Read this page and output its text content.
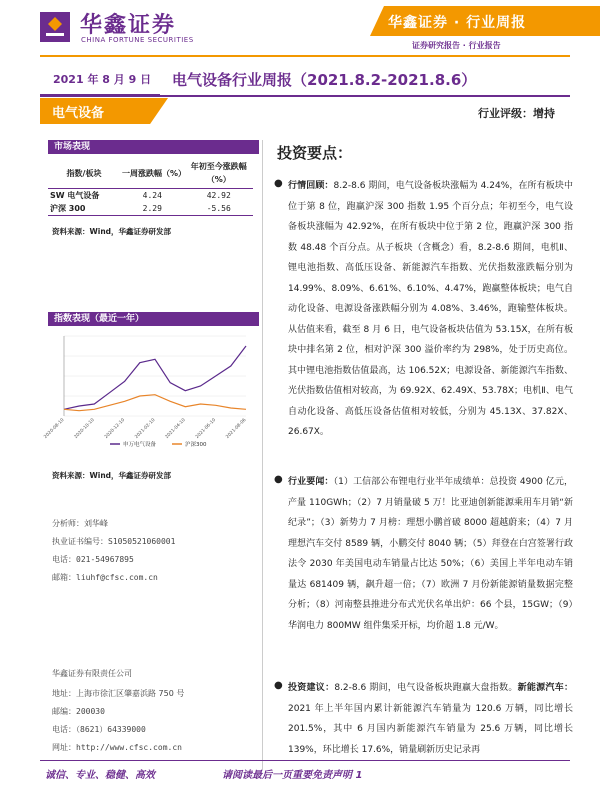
华鑫证券
CHINA FORTUNE SECURITIES
华鑫证券 · 行业周报
证券研究报告 · 行业报告
2021 年 8 月 9 日 电气设备行业周报（2021.8.2-2021.8.6）
电气设备	行业评级：增持
市场表现
指数/板块	一周涨跌幅（%）	年初至今涨跌幅（%）
SW 电气设备	4.24	42.92
沪深 300	2.29	-5.56
资料来源：Wind，华鑫证券研发部
指数表现（最近一年）
2020-08-10 2020-10-10 2020-12-10 2021-02-10 2021-04-10 2021-06-10 2021-08-06
申万电气设备	沪深300
资料来源：Wind，华鑫证券研发部
分析师：刘华峰
执业证书编号：S1050521060001
电话：021-54967895
邮箱：liuhf@cfsc.com.cn
华鑫证券有限责任公司
地址：上海市徐汇区肇嘉浜路 750 号
邮编：200030
电话：（8621）64339000
网址：http://www.cfsc.com.cn
投资要点：
● 行情回顾：8.2-8.6 期间，电气设备板块涨幅为 4.24%，在所有板块中位于第 8 位，跑赢沪深 300 指数 1.95 个百分点；年初至今，电气设备板块涨幅为 42.92%，在所有板块中位于第 2 位，跑赢沪深 300 指数 48.48 个百分点。从子板块（含概念）看，8.2-8.6 期间，电机Ⅱ、锂电池指数、高低压设备、新能源汽车指数、光伏指数涨跌幅分别为 14.99%、8.09%、6.61%、6.10%、4.47%，跑赢整体板块；电气自动化设备、电源设备涨跌幅分别为 4.08%、3.46%，跑输整体板块。从估值来看，截至 8 月 6 日，电气设备板块估值为 53.15X，在所有板块中排名第 2 位，相对沪深 300 溢价率约为 298%，处于历史高位。其中锂电池指数估值最高，达 106.52X；电源设备、新能源汽车指数、光伏指数估值相对较高，为 69.92X、62.49X、53.78X；电机Ⅱ、电气自动化设备、高低压设备估值相对较低，分别为 45.13X、37.82X、26.67X。
● 行业要闻：（1）工信部公布锂电行业半年成绩单：总投资 4900 亿元，产量 110GWh；（2）7 月销量破 5 万！比亚迪创新能源乘用车月销“新纪录”；（3）新势力 7 月榜：理想小鹏首破 8000 超越蔚来；（4）7 月理想汽车交付 8589 辆，小鹏交付 8040 辆；（5）拜登在白宫签署行政法令 2030 年美国电动车销量占比达 50%；（6）美国上半年电动车销量达 681409 辆，飙升超一倍；（7）欧洲 7 月份新能源销量数据完整分析；（8）河南整县推进分布式光伏名单出炉：66 个县，15GW；（9）华润电力 800MW 组件集采开标，均价超 1.8 元/W。
● 投资建议：8.2-8.6 期间，电气设备板块跑赢大盘指数。新能源汽车：2021 年上半年国内累计新能源汽车销量为 120.6 万辆，同比增长 201.5%，其中 6 月国内新能源汽车销量为 25.6 万辆，同比增长 139%，环比增长 17.6%，销量刷新历史记录再
诚信、专业、稳健、高效	请阅读最后一页重要免责声明 1
